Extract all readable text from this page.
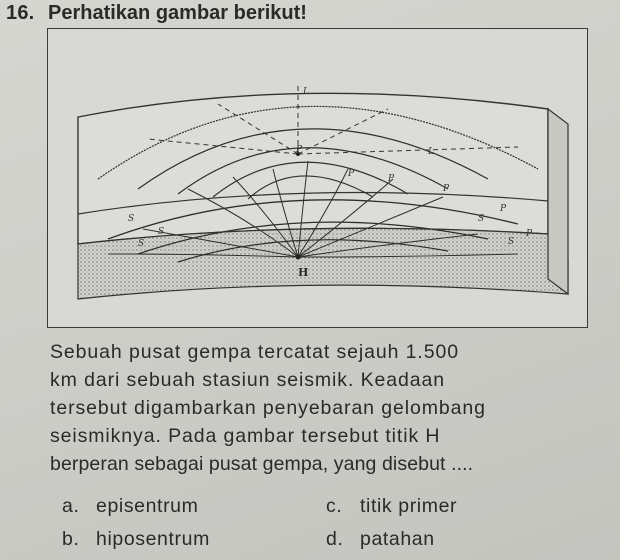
16. Perhatikan gambar berikut!
L
L
P
P	P
P
S
S
S
P
S
P
S
H
Sebuah pusat gempa tercatat sejauh 1.500
km dari sebuah stasiun seismik. Keadaan
tersebut digambarkan penyebaran gelombang
seismiknya. Pada gambar tersebut titik H
berperan sebagai pusat gempa, yang disebut ....
a. episentrum	c. titik primer
b. hiposentrum	d. patahan
